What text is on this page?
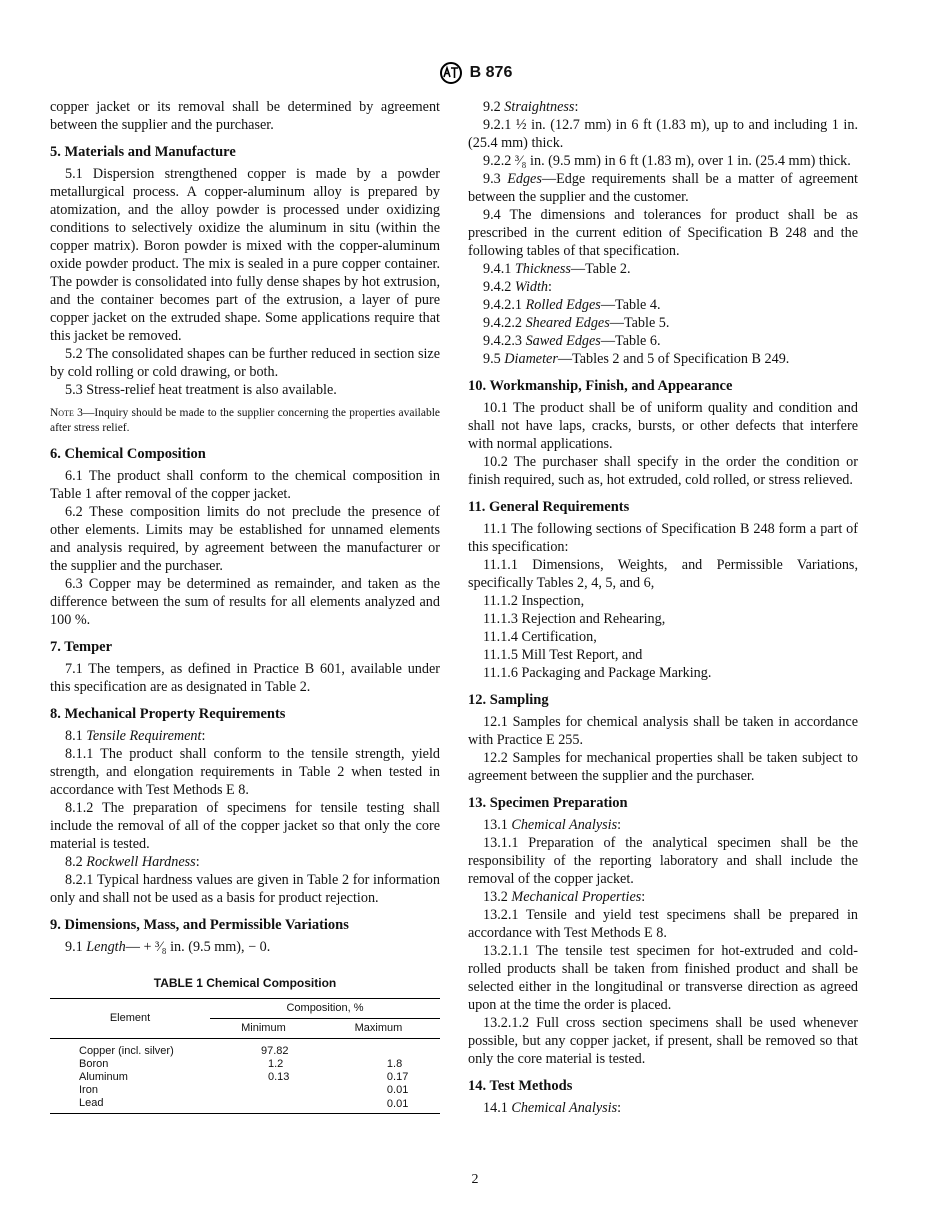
B 876

copper jacket or its removal shall be determined by agreement between the supplier and the purchaser.

5. Materials and Manufacture

5.1 Dispersion strengthened copper is made by a powder metallurgical process. A copper-aluminum alloy is prepared by atomization, and the alloy powder is processed under oxidizing conditions to selectively oxidize the aluminum in situ (within the copper matrix). Boron powder is mixed with the copper-aluminum oxide powder product. The mix is sealed in a pure copper container. The powder is consolidated into fully dense shapes by hot extrusion, and the container becomes part of the extrusion, a layer of pure copper jacket on the extruded shape. Some applications require that this jacket be removed.

5.2 The consolidated shapes can be further reduced in section size by cold rolling or cold drawing, or both.

5.3 Stress-relief heat treatment is also available.

Note 3—Inquiry should be made to the supplier concerning the properties available after stress relief.

6. Chemical Composition

6.1 The product shall conform to the chemical composition in Table 1 after removal of the copper jacket.

6.2 These composition limits do not preclude the presence of other elements. Limits may be established for unnamed elements and analysis required, by agreement between the manufacturer or the supplier and the purchaser.

6.3 Copper may be determined as remainder, and taken as the difference between the sum of results for all elements analyzed and 100 %.

7. Temper

7.1 The tempers, as defined in Practice B 601, available under this specification are as designated in Table 2.

8. Mechanical Property Requirements

8.1 Tensile Requirement:

8.1.1 The product shall conform to the tensile strength, yield strength, and elongation requirements in Table 2 when tested in accordance with Test Methods E 8.

8.1.2 The preparation of specimens for tensile testing shall include the removal of all of the copper jacket so that only the core material is tested.

8.2 Rockwell Hardness:

8.2.1 Typical hardness values are given in Table 2 for information only and shall not be used as a basis for product rejection.

9. Dimensions, Mass, and Permissible Variations

9.1 Length— + ³⁄₈ in. (9.5 mm), − 0.

TABLE 1 Chemical Composition
Element	Composition, %	
	Minimum	Maximum

Copper (incl. silver)	97.82	
Boron	1.2	1.8
Aluminum	0.13	0.17
Iron		0.01
Lead		0.01

9.2 Straightness:

9.2.1 ½ in. (12.7 mm) in 6 ft (1.83 m), up to and including 1 in. (25.4 mm) thick.

9.2.2 ³⁄₈ in. (9.5 mm) in 6 ft (1.83 m), over 1 in. (25.4 mm) thick.

9.3 Edges—Edge requirements shall be a matter of agreement between the supplier and the customer.

9.4 The dimensions and tolerances for product shall be as prescribed in the current edition of Specification B 248 and the following tables of that specification.

9.4.1 Thickness—Table 2.

9.4.2 Width:

9.4.2.1 Rolled Edges—Table 4.

9.4.2.2 Sheared Edges—Table 5.

9.4.2.3 Sawed Edges—Table 6.

9.5 Diameter—Tables 2 and 5 of Specification B 249.

10. Workmanship, Finish, and Appearance

10.1 The product shall be of uniform quality and condition and shall not have laps, cracks, bursts, or other defects that interfere with normal applications.

10.2 The purchaser shall specify in the order the condition or finish required, such as, hot extruded, cold rolled, or stress relieved.

11. General Requirements

11.1 The following sections of Specification B 248 form a part of this specification:

11.1.1 Dimensions, Weights, and Permissible Variations, specifically Tables 2, 4, 5, and 6,

11.1.2 Inspection,

11.1.3 Rejection and Rehearing,

11.1.4 Certification,

11.1.5 Mill Test Report, and

11.1.6 Packaging and Package Marking.

12. Sampling

12.1 Samples for chemical analysis shall be taken in accordance with Practice E 255.

12.2 Samples for mechanical properties shall be taken subject to agreement between the supplier and the purchaser.

13. Specimen Preparation

13.1 Chemical Analysis:

13.1.1 Preparation of the analytical specimen shall be the responsibility of the reporting laboratory and shall include the removal of the copper jacket.

13.2 Mechanical Properties:

13.2.1 Tensile and yield test specimens shall be prepared in accordance with Test Methods E 8.

13.2.1.1 The tensile test specimen for hot-extruded and cold-rolled products shall be taken from finished product and shall be selected either in the longitudinal or transverse direction as agreed upon at the time the order is placed.

13.2.1.2 Full cross section specimens shall be used whenever possible, but any copper jacket, if present, shall be removed so that only the core material is tested.

14. Test Methods

14.1 Chemical Analysis:

2
